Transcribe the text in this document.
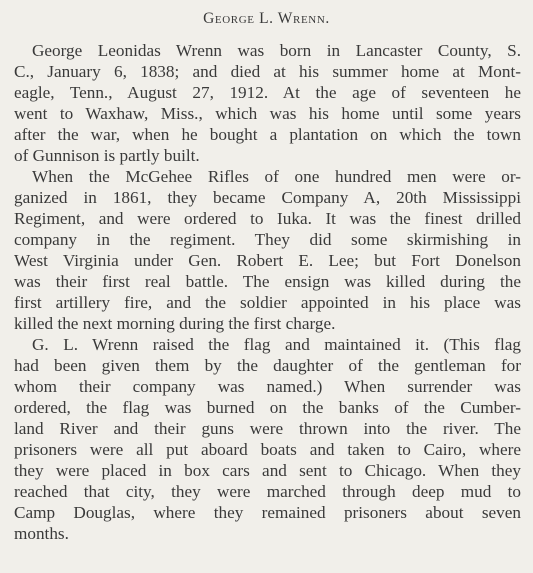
George L. Wrenn.
George Leonidas Wrenn was born in Lancaster County, S.
C., January 6, 1838; and died at his summer home at Mont-
eagle, Tenn., August 27, 1912. At the age of seventeen he
went to Waxhaw, Miss., which was his home until some years
after the war, when he bought a plantation on which the town
of Gunnison is partly built.
When the McGehee Rifles of one hundred men were or-
ganized in 1861, they became Company A, 20th Mississippi
Regiment, and were ordered to Iuka. It was the finest drilled
company in the regiment. They did some skirmishing in
West Virginia under Gen. Robert E. Lee; but Fort Donelson
was their first real battle. The ensign was killed during the
first artillery fire, and the soldier appointed in his place was
killed the next morning during the first charge.
G. L. Wrenn raised the flag and maintained it. (This flag
had been given them by the daughter of the gentleman for
whom their company was named.) When surrender was
ordered, the flag was burned on the banks of the Cumber-
land River and their guns were thrown into the river. The
prisoners were all put aboard boats and taken to Cairo, where
they were placed in box cars and sent to Chicago. When they
reached that city, they were marched through deep mud to
Camp Douglas, where they remained prisoners about seven
months.
